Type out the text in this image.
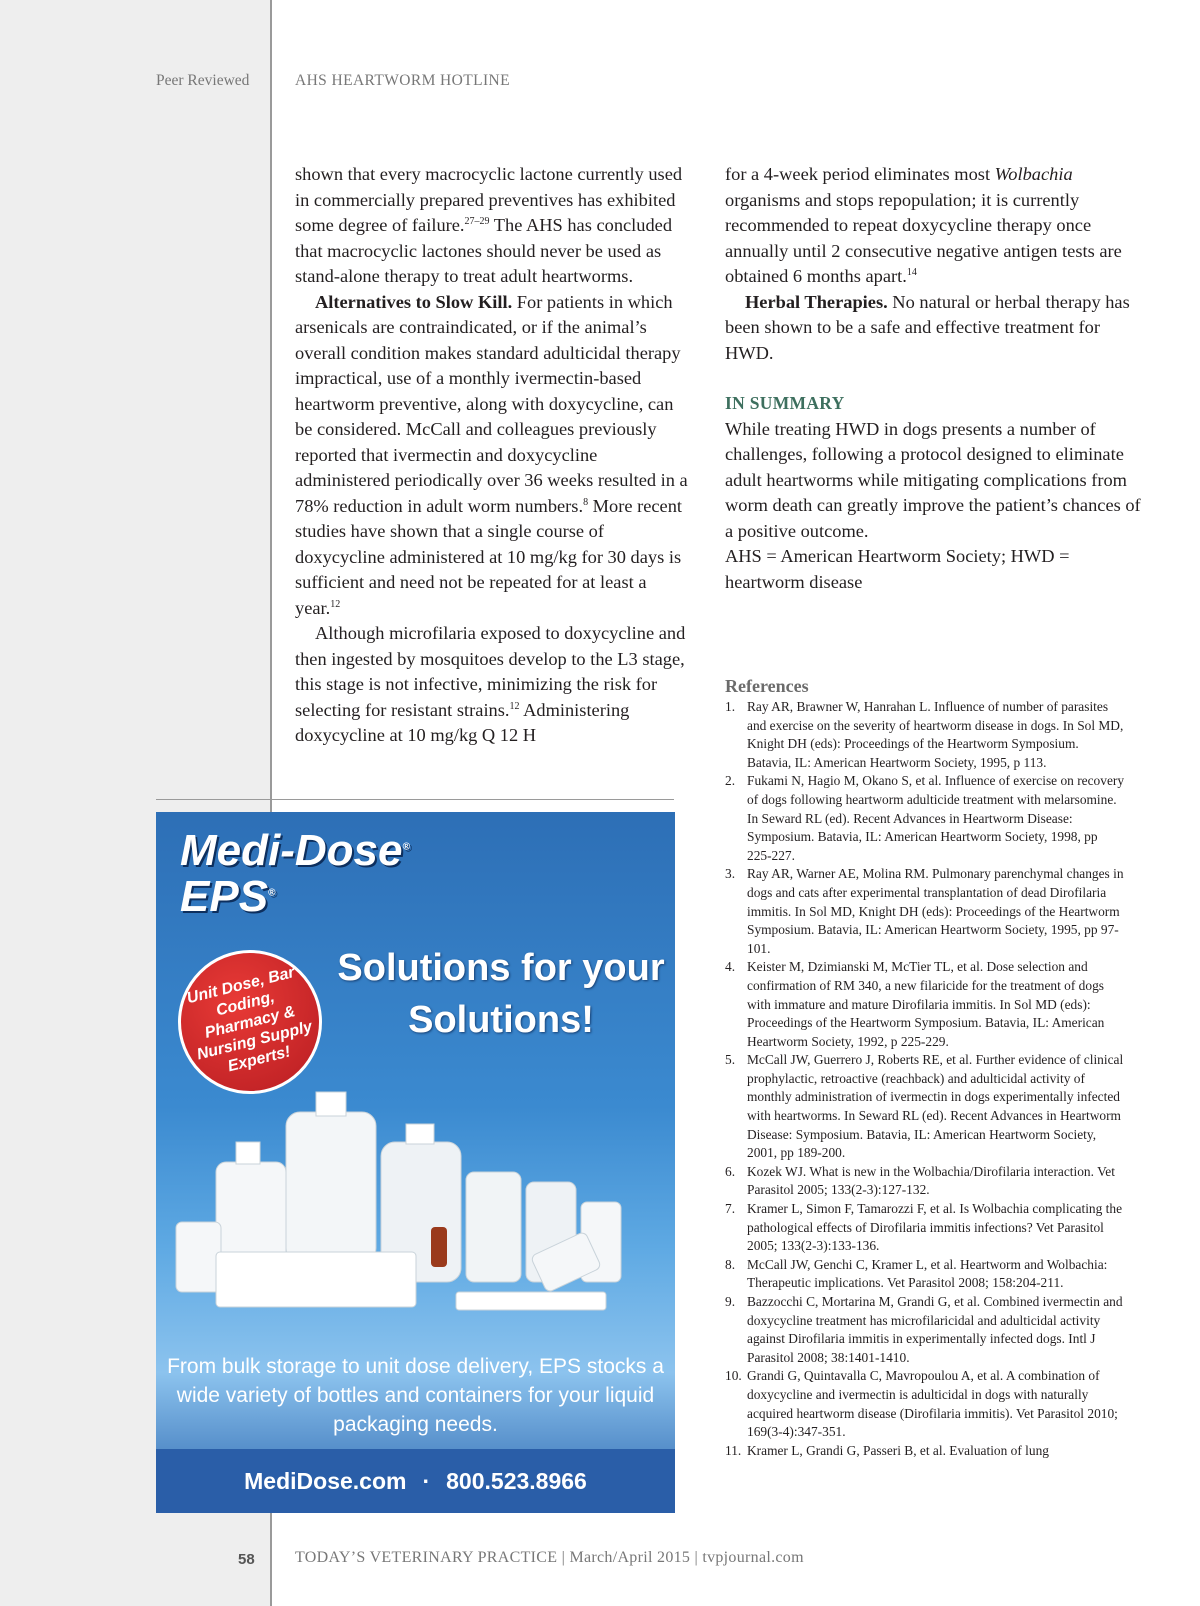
Peer Reviewed	AHS HEARTWORM HOTLINE

shown that every macrocyclic lactone currently used in commercially prepared preventives has exhibited some degree of failure.$^{27-29}$ The AHS has concluded that macrocyclic lactones should never be used as stand-alone therapy to treat adult heartworms.

Alternatives to Slow Kill. For patients in which arsenicals are contraindicated, or if the animal’s overall condition makes standard adulticidal therapy impractical, use of a monthly ivermectin-based heartworm preventive, along with doxycycline, can be considered. McCall and colleagues previously reported that ivermectin and doxycycline administered periodically over 36 weeks resulted in a 78% reduction in adult worm numbers.$^8$ More recent studies have shown that a single course of doxycycline administered at 10 mg/kg for 30 days is sufficient and need not be repeated for at least a year.$^{12}$

Although microfilaria exposed to doxycycline and then ingested by mosquitoes develop to the L3 stage, this stage is not infective, minimizing the risk for selecting for resistant strains.$^{12}$ Administering doxycycline at 10 mg/kg Q 12 H

for a 4-week period eliminates most Wolbachia organisms and stops repopulation; it is currently recommended to repeat doxycycline therapy once annually until 2 consecutive negative antigen tests are obtained 6 months apart.$^{14}$

Herbal Therapies. No natural or herbal therapy has been shown to be a safe and effective treatment for HWD.

IN SUMMARY

While treating HWD in dogs presents a number of challenges, following a protocol designed to eliminate adult heartworms while mitigating complications from worm death can greatly improve the patient’s chances of a positive outcome.

AHS = American Heartworm Society; HWD = heartworm disease

References
1. Ray AR, Brawner W, Hanrahan L. Influence of number of parasites and exercise on the severity of heartworm disease in dogs. In Sol MD, Knight DH (eds): Proceedings of the Heartworm Symposium. Batavia, IL: American Heartworm Society, 1995, p 113.
2. Fukami N, Hagio M, Okano S, et al. Influence of exercise on recovery of dogs following heartworm adulticide treatment with melarsomine. In Seward RL (ed). Recent Advances in Heartworm Disease: Symposium. Batavia, IL: American Heartworm Society, 1998, pp 225-227.
3. Ray AR, Warner AE, Molina RM. Pulmonary parenchymal changes in dogs and cats after experimental transplantation of dead Dirofilaria immitis. In Sol MD, Knight DH (eds): Proceedings of the Heartworm Symposium. Batavia, IL: American Heartworm Society, 1995, pp 97-101.
4. Keister M, Dzimianski M, McTier TL, et al. Dose selection and confirmation of RM 340, a new filaricide for the treatment of dogs with immature and mature Dirofilaria immitis. In Sol MD (eds): Proceedings of the Heartworm Symposium. Batavia, IL: American Heartworm Society, 1992, p 225-229.
5. McCall JW, Guerrero J, Roberts RE, et al. Further evidence of clinical prophylactic, retroactive (reachback) and adulticidal activity of monthly administration of ivermectin in dogs experimentally infected with heartworms. In Seward RL (ed). Recent Advances in Heartworm Disease: Symposium. Batavia, IL: American Heartworm Society, 2001, pp 189-200.
6. Kozek WJ. What is new in the Wolbachia/Dirofilaria interaction. Vet Parasitol 2005; 133(2-3):127-132.
7. Kramer L, Simon F, Tamarozzi F, et al. Is Wolbachia complicating the pathological effects of Dirofilaria immitis infections? Vet Parasitol 2005; 133(2-3):133-136.
8. McCall JW, Genchi C, Kramer L, et al. Heartworm and Wolbachia: Therapeutic implications. Vet Parasitol 2008; 158:204-211.
9. Bazzocchi C, Mortarina M, Grandi G, et al. Combined ivermectin and doxycycline treatment has microfilaricidal and adulticidal activity against Dirofilaria immitis in experimentally infected dogs. Intl J Parasitol 2008; 38:1401-1410.
10. Grandi G, Quintavalla C, Mavropoulou A, et al. A combination of doxycycline and ivermectin is adulticidal in dogs with naturally acquired heartworm disease (Dirofilaria immitis). Vet Parasitol 2010; 169(3-4):347-351.
11. Kramer L, Grandi G, Passeri B, et al. Evaluation of lung
Medi-Dose®
EPS®
Unit Dose, Bar Coding, Pharmacy & Nursing Supply Experts!
Solutions for your Solutions!
From bulk storage to unit dose delivery, EPS stocks a wide variety of bottles and containers for your liquid packaging needs.
MediDose.com · 800.523.8966
58	TODAY’S VETERINARY PRACTICE | March/April 2015 | tvpjournal.com
